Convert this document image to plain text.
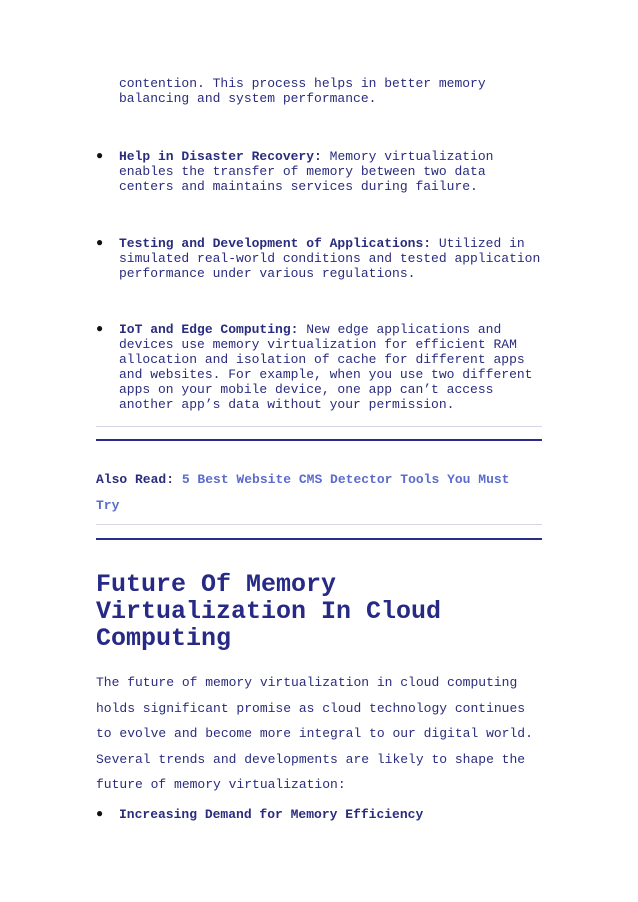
contention. This process helps in better memory
balancing and system performance.

●	Help in Disaster Recovery: Memory virtualization
enables the transfer of memory between two data
centers and maintains services during failure.
●	Testing and Development of Applications: Utilized in
simulated real-world conditions and tested application
performance under various regulations.
●	IoT and Edge Computing: New edge applications and
devices use memory virtualization for efficient RAM
allocation and isolation of cache for different apps
and websites. For example, when you use two different
apps on your mobile device, one app can’t access
another app’s data without your permission.

Also Read: 5 Best Website CMS Detector Tools You Must
Try

Future Of Memory
Virtualization In Cloud
Computing

The future of memory virtualization in cloud computing
holds significant promise as cloud technology continues
to evolve and become more integral to our digital world.
Several trends and developments are likely to shape the
future of memory virtualization:

●	Increasing Demand for Memory Efficiency
